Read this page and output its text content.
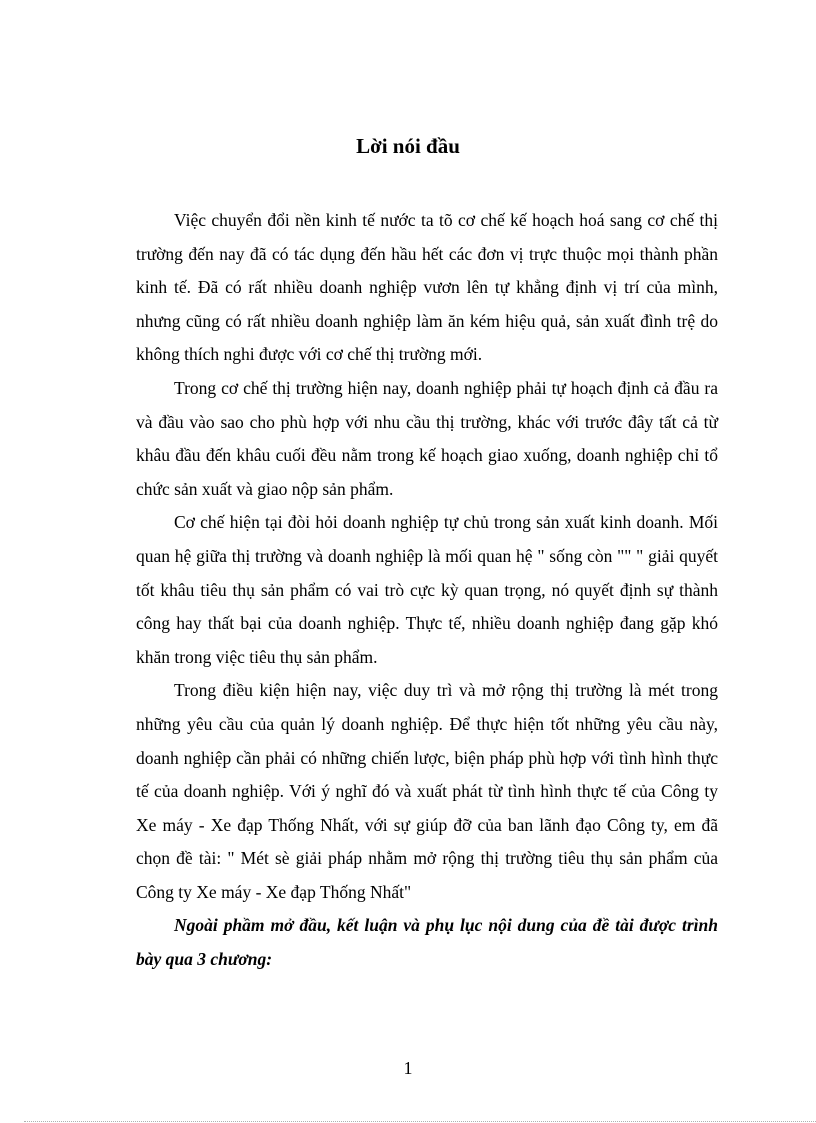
Lời nói đầu

Việc chuyển đổi nền kinh tế nước ta tõ cơ chế kế hoạch hoá sang cơ chế thị trường đến nay đã có tác dụng đến hầu hết các đơn vị trực thuộc mọi thành phần kinh tế. Đã có rất nhiều doanh nghiệp vươn lên tự khẳng định vị trí của mình, nhưng cũng có rất nhiều doanh nghiệp làm ăn kém hiệu quả, sản xuất đình trệ do không thích nghi được với cơ chế thị trường mới.

Trong cơ chế thị trường hiện nay, doanh nghiệp phải tự hoạch định cả đầu ra và đầu vào sao cho phù hợp với nhu cầu thị trường, khác với trước đây tất cả từ khâu đầu đến khâu cuối đều nằm trong kế hoạch giao xuống, doanh nghiệp chỉ tổ chức sản xuất và giao nộp sản phẩm.

Cơ chế hiện tại đòi hỏi doanh nghiệp tự chủ trong sản xuất kinh doanh. Mối quan hệ giữa thị trường và doanh nghiệp là mối quan hệ " sống còn "" " giải quyết tốt khâu tiêu thụ sản phẩm có vai trò cực kỳ quan trọng, nó quyết định sự thành công hay thất bại của doanh nghiệp. Thực tế, nhiều doanh nghiệp đang gặp khó khăn trong việc tiêu thụ sản phẩm.

Trong điều kiện hiện nay, việc duy trì và mở rộng thị trường là mét trong những yêu cầu của quản lý doanh nghiệp. Để thực hiện tốt những yêu cầu này, doanh nghiệp cần phải có những chiến lược, biện pháp phù hợp với tình hình thực tế của doanh nghiệp. Với ý nghĩ đó và xuất phát từ tình hình thực tế của Công ty Xe máy - Xe đạp Thống Nhất, với sự giúp đỡ của ban lãnh đạo Công ty, em đã chọn đề tài: " Mét sè giải pháp nhằm mở rộng thị trường tiêu thụ sản phẩm của Công ty Xe máy - Xe đạp Thống Nhất"

Ngoài phầm mở đầu, kết luận và phụ lục nội dung của đề tài được trình bày qua 3 chương:

1
